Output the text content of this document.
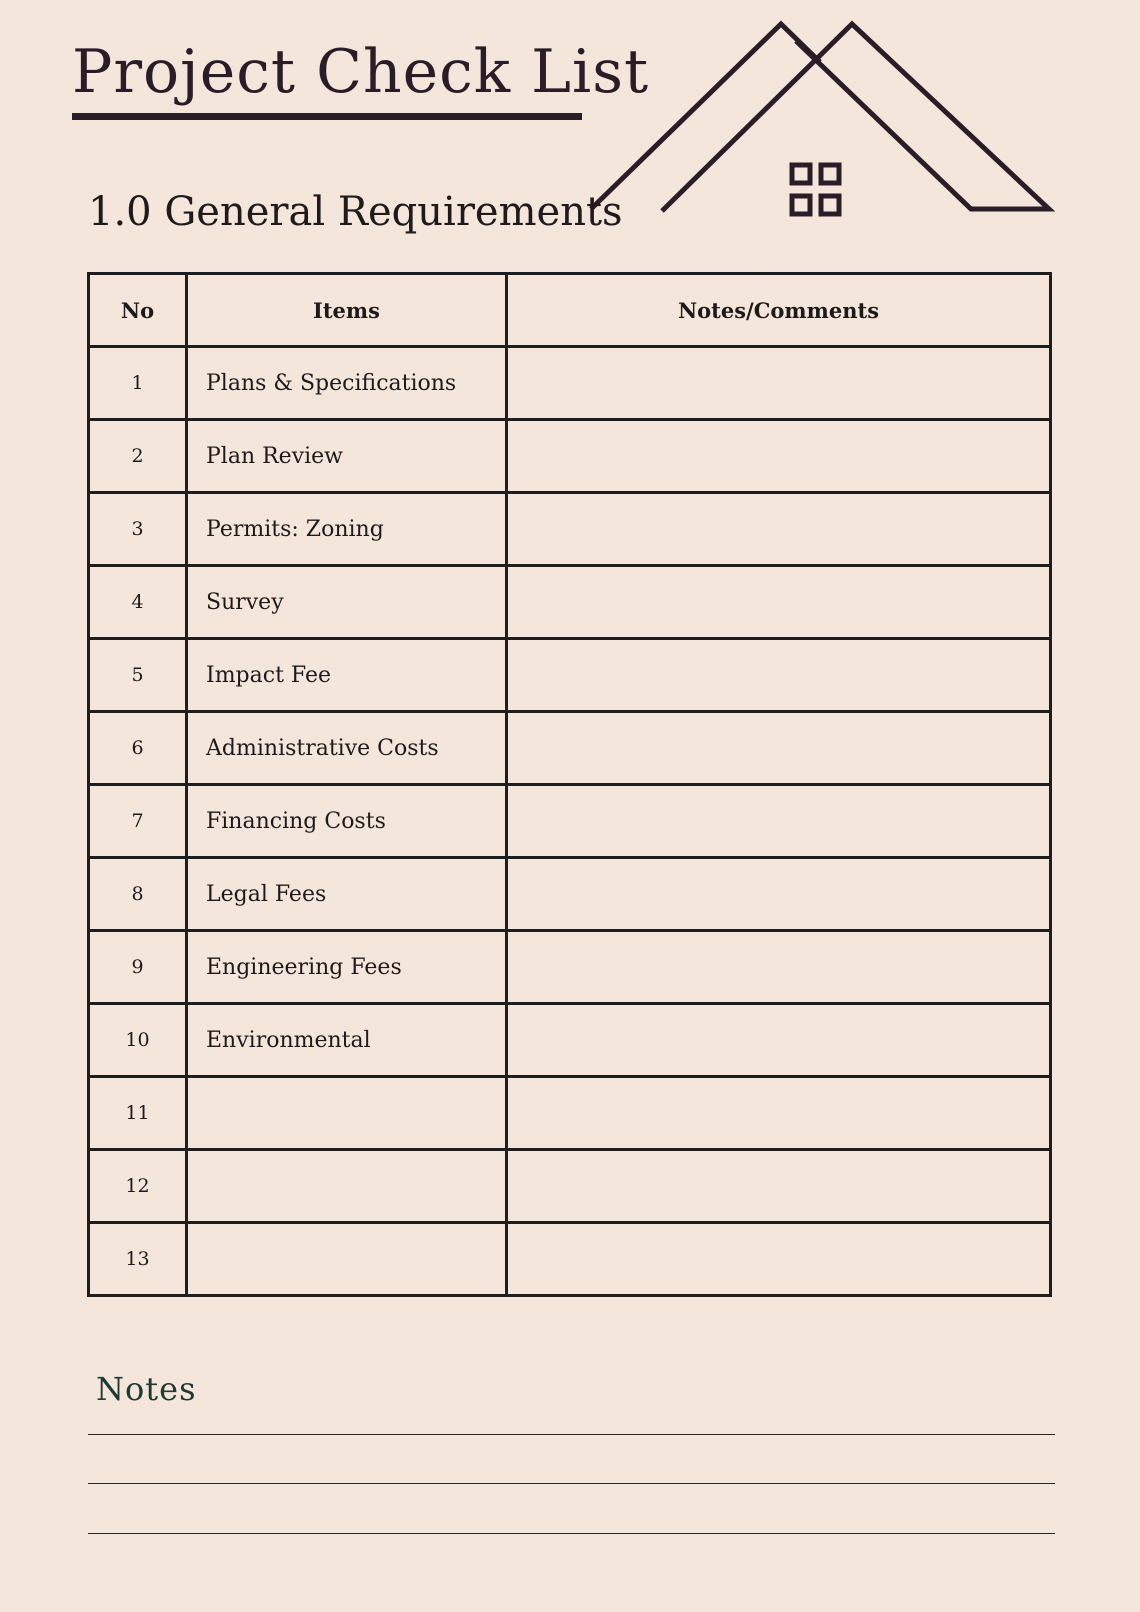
Project Check List
1.0 General Requirements
No	Items	Notes/Comments
1	Plans & Specifications	
2	Plan Review	
3	Permits: Zoning	
4	Survey	
5	Impact Fee	
6	Administrative Costs	
7	Financing Costs	
8	Legal Fees	
9	Engineering Fees	
10	Environmental	
11		
12		
13		
Notes
